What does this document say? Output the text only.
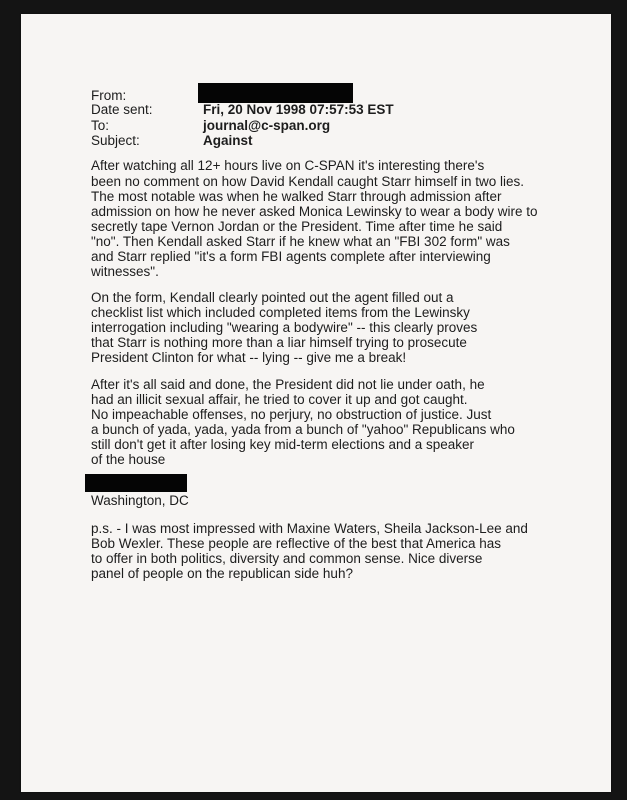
From:
Date sent:	Fri, 20 Nov 1998 07:57:53 EST
To:	journal@c-span.org
Subject:	Against
After watching all 12+ hours live on C-SPAN it's interesting there's
been no comment on how David Kendall caught Starr himself in two lies.
The most notable was when he walked Starr through admission after
admission on how he never asked Monica Lewinsky to wear a body wire to
secretly tape Vernon Jordan or the President. Time after time he said
"no". Then Kendall asked Starr if he knew what an "FBI 302 form" was
and Starr replied "it's a form FBI agents complete after interviewing
witnesses".
On the form, Kendall clearly pointed out the agent filled out a
checklist list which included completed items from the Lewinsky
interrogation including "wearing a bodywire" -- this clearly proves
that Starr is nothing more than a liar himself trying to prosecute
President Clinton for what -- lying -- give me a break!
After it's all said and done, the President did not lie under oath, he
had an illicit sexual affair, he tried to cover it up and got caught.
No impeachable offenses, no perjury, no obstruction of justice. Just
a bunch of yada, yada, yada from a bunch of "yahoo" Republicans who
still don't get it after losing key mid-term elections and a speaker
of the house
Washington, DC
p.s. - I was most impressed with Maxine Waters, Sheila Jackson-Lee and
Bob Wexler. These people are reflective of the best that America has
to offer in both politics, diversity and common sense. Nice diverse
panel of people on the republican side huh?
